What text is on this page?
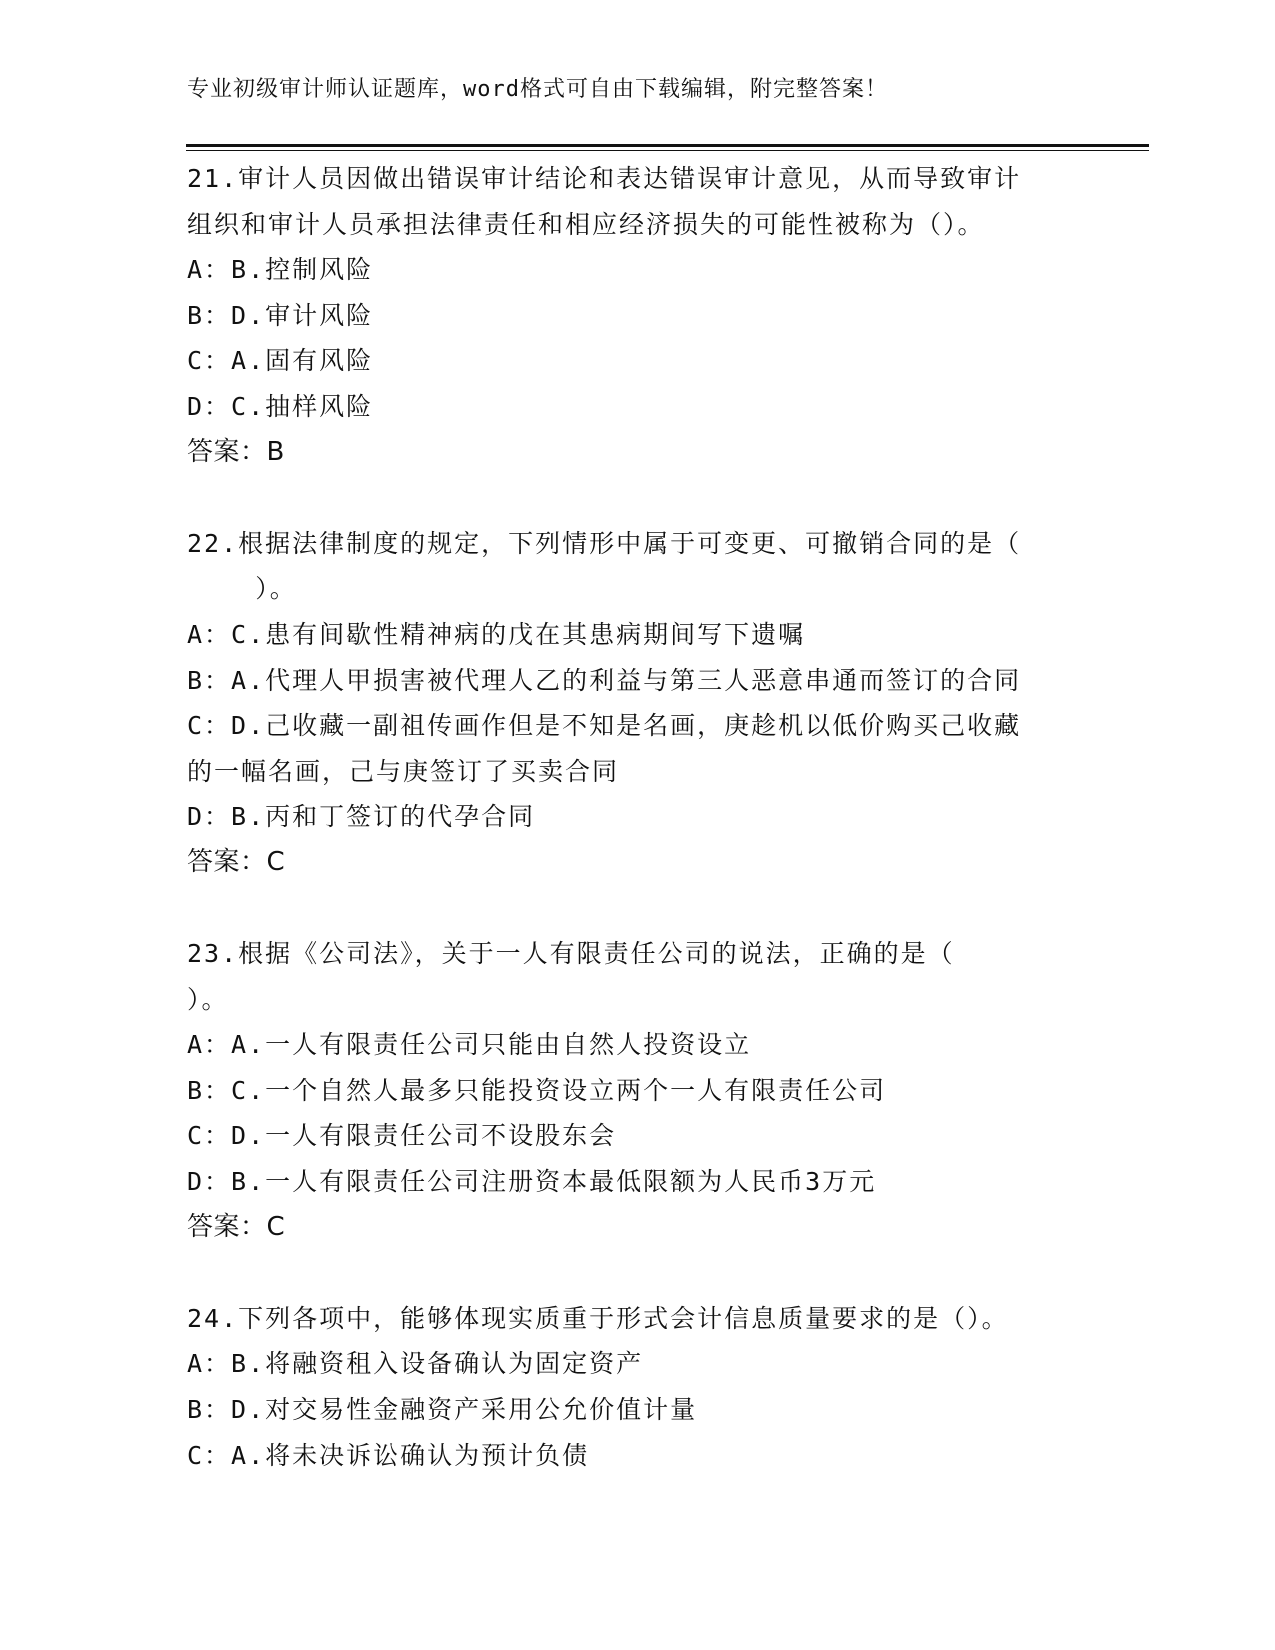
专业初级审计师认证题库，word格式可自由下载编辑，附完整答案！
21.审计人员因做出错误审计结论和表达错误审计意见，从而导致审计
组织和审计人员承担法律责任和相应经济损失的可能性被称为（）。
A：B.控制风险
B：D.审计风险
C：A.固有风险
D：C.抽样风险
答案：B
22.根据法律制度的规定，下列情形中属于可变更、可撤销合同的是（
）。
A：C.患有间歇性精神病的戊在其患病期间写下遗嘱
B：A.代理人甲损害被代理人乙的利益与第三人恶意串通而签订的合同
C：D.己收藏一副祖传画作但是不知是名画，庚趁机以低价购买己收藏
的一幅名画，己与庚签订了买卖合同
D：B.丙和丁签订的代孕合同
答案：C
23.根据《公司法》，关于一人有限责任公司的说法，正确的是（
）。
A：A.一人有限责任公司只能由自然人投资设立
B：C.一个自然人最多只能投资设立两个一人有限责任公司
C：D.一人有限责任公司不设股东会
D：B.一人有限责任公司注册资本最低限额为人民币3万元
答案：C
24.下列各项中，能够体现实质重于形式会计信息质量要求的是（）。
A：B.将融资租入设备确认为固定资产
B：D.对交易性金融资产采用公允价值计量
C：A.将未决诉讼确认为预计负债
